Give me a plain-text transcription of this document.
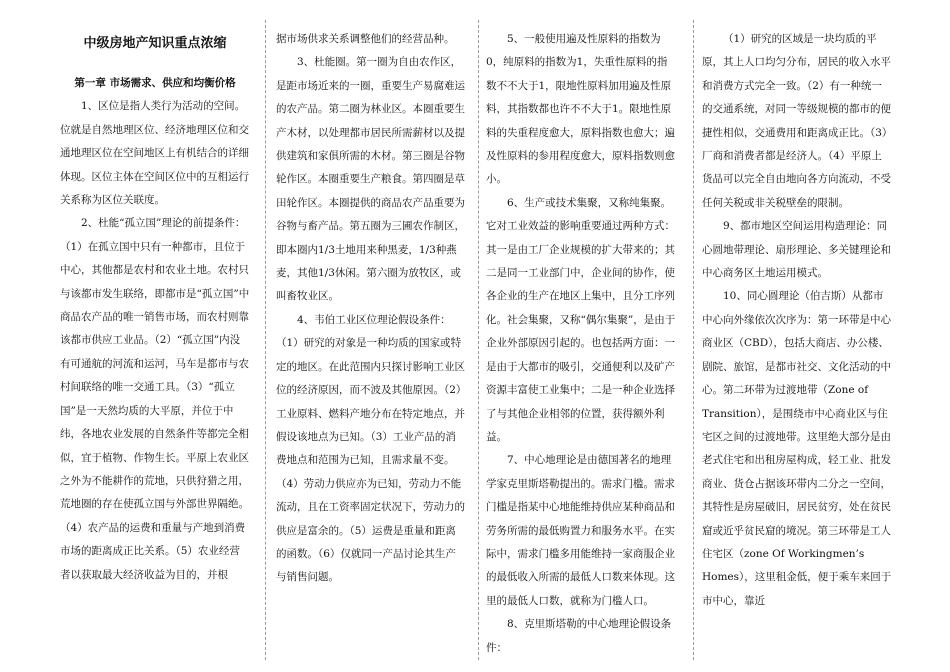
中级房地产知识重点浓缩

第一章 市场需求、供应和均衡价格

1、区位是指人类行为活动的空间。位就是自然地理区位、经济地理区位和交通地理区位在空间地区上有机结合的详细体现。区位主体在空间区位中的互相运行关系称为区位关联度。

2、杜能“孤立国”理论的前提条件：

（1）在孤立国中只有一种都市，且位于中心，其他都是农村和农业土地。农村只与该都市发生联络，即都市是“孤立国”中商品农产品的唯一销售市场，而农村则靠该都市供应工业品。（2）“孤立国”内没有可通航的河流和运河，马车是都市与农村间联络的唯一交通工具。（3）“孤立国”是一天然均质的大平原，并位于中纬，各地农业发展的自然条件等都完全相似，宜于植物、作物生长。平原上农业区之外为不能耕作的荒地，只供狩猎之用，荒地圈的存在使孤立国与外部世界隔绝。（4）农产品的运费和重量与产地到消费市场的距离成正比关系。（5）农业经营者以获取最大经济收益为目的，并根

据市场供求关系调整他们的经营品种。

3、杜能圈。第一圈为自由农作区，是距市场近来的一圈，重要生产易腐难运的农产品。第二圈为林业区。本圈重要生产木材，以处理都市居民所需薪材以及提供建筑和家俱所需的木材。第三圈是谷物轮作区。本圈重要生产粮食。第四圈是草田轮作区。本圈提供的商品农产品重要为谷物与畜产品。第五圈为三圃农作制区，即本圈内1/3土地用来种黑麦，1/3种燕麦，其他1/3休闲。第六圈为放牧区，或叫畜牧业区。

4、韦伯工业区位理论假设条件：（1）研究的对象是一种均质的国家或特定的地区。在此范围内只探讨影响工业区位的经济原因，而不波及其他原因。（2）工业原料、燃料产地分布在特定地点，并假设该地点为已知。（3）工业产品的消费地点和范围为已知，且需求量不变。（4）劳动力供应亦为已知，劳动力不能流动，且在工资率固定状况下，劳动力的供应是富余的。（5）运费是重量和距离的函数。（6）仅就同一产品讨论其生产与销售问题。

5、一般使用遍及性原料的指数为0，纯原料的指数为1，失重性原料的指数不不大于1，限地性原料加用遍及性原料，其指数都也许不不大于1。限地性原料的失重程度愈大，原料指数也愈大；遍及性原料的参用程度愈大，原料指数则愈小。

6、生产或技术集聚，又称纯集聚。它对工业效益的影响重要通过两种方式：其一是由工厂企业规模的扩大带来的；其二是同一工业部门中，企业间的协作，使各企业的生产在地区上集中，且分工序列化。社会集聚，又称“偶尔集聚”，是由于企业外部原因引起的。也包括两方面：一是由于大都市的吸引，交通便利以及矿产资源丰富使工业集中；二是一种企业选择了与其他企业相邻的位置，获得额外利益。

7、中心地理论是由德国著名的地理学家克里斯塔勒提出的。需求门槛。需求门槛是指某中心地能维持供应某种商品和劳务所需的最低购置力和服务水平。在实际中，需求门槛多用能维持一家商服企业的最低收入所需的最低人口数来体现。这里的最低人口数，就称为门槛人口。

8、克里斯塔勒的中心地理论假设条件：

（1）研究的区域是一块均质的平原，其上人口均匀分布，居民的收入水平和消费方式完全一致。（2）有一种统一的交通系统，对同一等级规模的都市的便捷性相似，交通费用和距离成正比。（3）厂商和消费者都是经济人。（4）平原上货品可以完全自由地向各方向流动，不受任何关税或非关税壁垒的限制。

9、都市地区空间运用构造理论：同心圆地带理论、扇形理论、多关键理论和中心商务区土地运用模式。

10、同心圆理论（伯吉斯）从都市中心向外缘依次次序为：第一环带是中心商业区（CBD），包括大商店、办公楼、剧院、旅馆，是都市社交、文化活动的中心。第二环带为过渡地带（Zone of Transition），是围绕市中心商业区与住宅区之间的过渡地带。这里绝大部分是由老式住宅和出租房屋构成，轻工业、批发商业、货仓占据该环带内二分之一空间，其特性是房屋破旧，居民贫穷，处在贫民窟或近乎贫民窟的境况。第三环带是工人住宅区（zone Of Workingmen’s Homes），这里租金低，便于乘车来回于市中心，靠近
